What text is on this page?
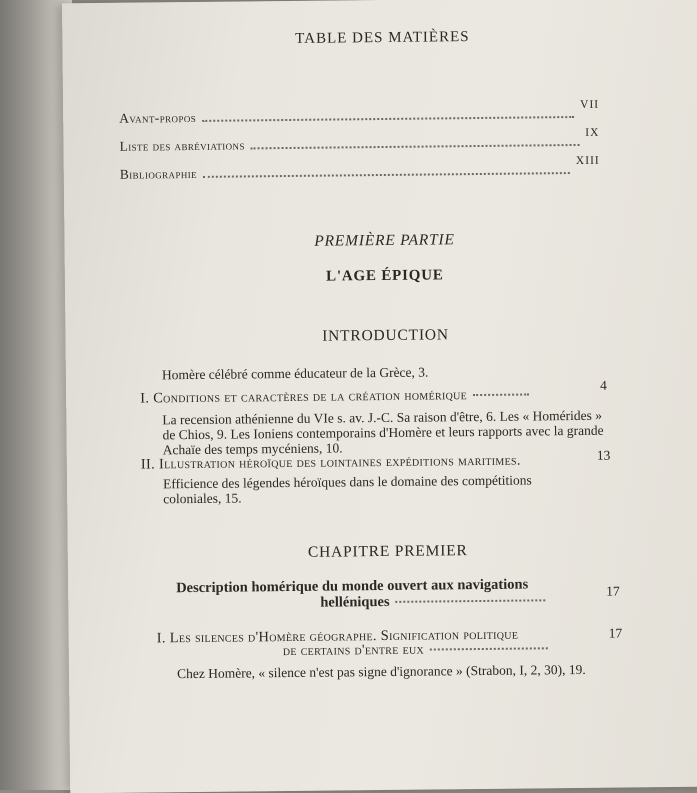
TABLE DES MATIÈRES
Avant-propos
VII
Liste des abréviations
IX
Bibliographie
XIII
PREMIÈRE PARTIE
L'AGE ÉPIQUE
INTRODUCTION
Homère célébré comme éducateur de la Grèce, 3.
I. Conditions et caractères de la création homérique
4
La recension athénienne du VIe s. av. J.-C. Sa raison d'être, 6. Les « Homérides » de Chios, 9. Les Ioniens contemporains d'Homère et leurs rapports avec la grande Achaïe des temps mycéniens, 10.
II. Illustration héroïque des lointaines expéditions maritimes.	13
Efficience des légendes héroïques dans le domaine des compétitions coloniales, 15.
CHAPITRE PREMIER
Description homérique du monde ouvert aux navigations
helléniques
17
I. Les silences d'Homère géographe. Signification politique
de certains d'entre eux
17
Chez Homère, « silence n'est pas signe d'ignorance » (Strabon, I, 2, 30), 19.
